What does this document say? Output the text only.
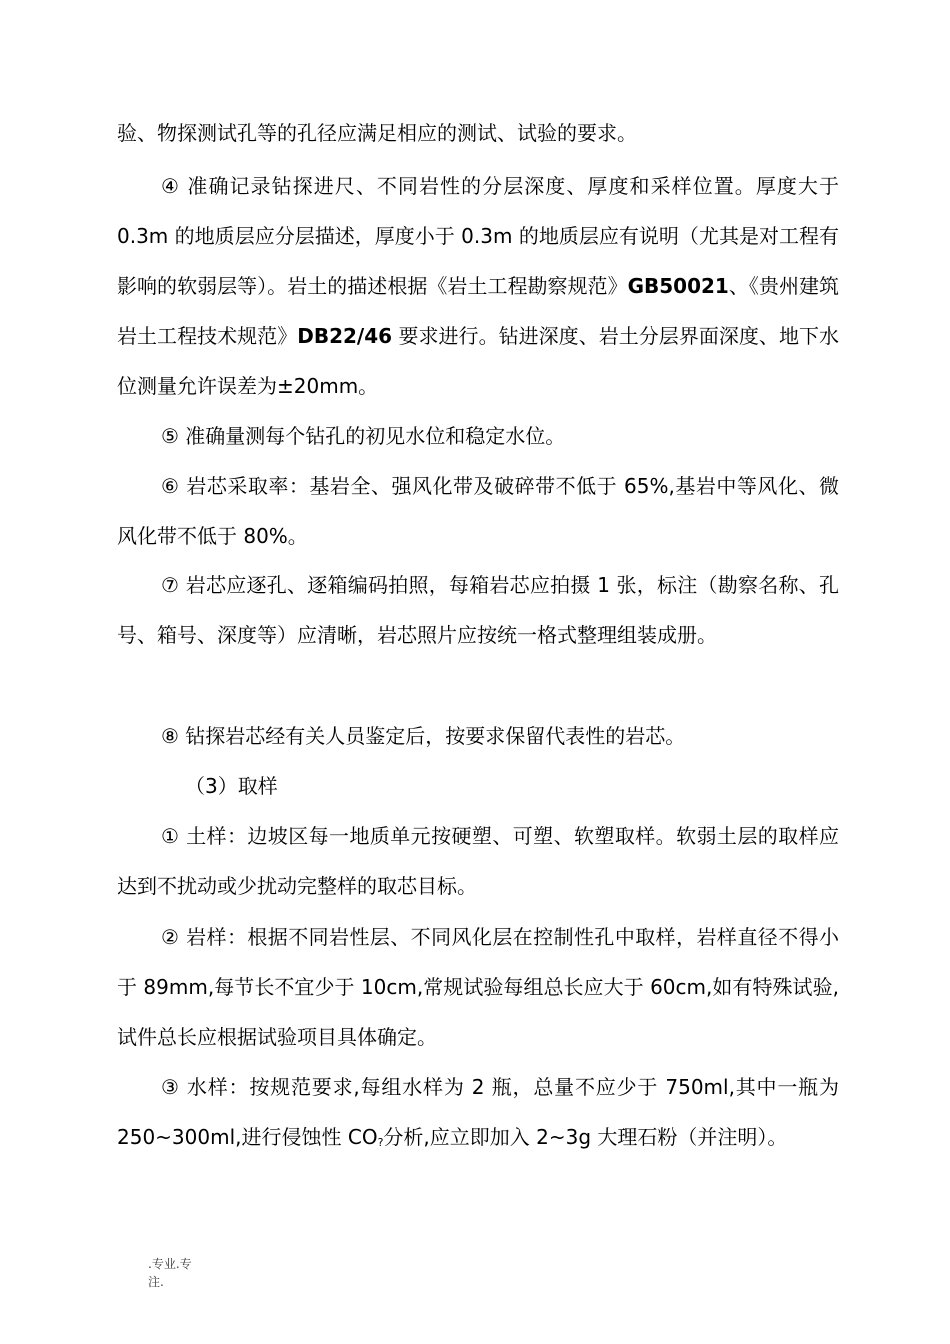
验、物探测试孔等的孔径应满足相应的测试、试验的要求。

④ 准确记录钻探进尺、不同岩性的分层深度、厚度和采样位置。厚度大于 0.3m 的地质层应分层描述，厚度小于 0.3m 的地质层应有说明（尤其是对工程有影响的软弱层等）。岩土的描述根据《岩土工程勘察规范》GB50021、《贵州建筑岩土工程技术规范》DB22/46 要求进行。钻进深度、岩土分层界面深度、地下水位测量允许误差为±20mm。

⑤ 准确量测每个钻孔的初见水位和稳定水位。

⑥ 岩芯采取率：基岩全、强风化带及破碎带不低于 65%,基岩中等风化、微风化带不低于 80%。

⑦ 岩芯应逐孔、逐箱编码拍照，每箱岩芯应拍摄 1 张，标注（勘察名称、孔号、箱号、深度等）应清晰，岩芯照片应按统一格式整理组装成册。

⑧ 钻探岩芯经有关人员鉴定后，按要求保留代表性的岩芯。

（3）取样

① 土样：边坡区每一地质单元按硬塑、可塑、软塑取样。软弱土层的取样应达到不扰动或少扰动完整样的取芯目标。

② 岩样：根据不同岩性层、不同风化层在控制性孔中取样，岩样直径不得小于 89mm,每节长不宜少于 10cm,常规试验每组总长应大于 60cm,如有特殊试验,试件总长应根据试验项目具体确定。

③ 水样：按规范要求,每组水样为 2 瓶，总量不应少于 750ml,其中一瓶为 250~300ml,进行侵蚀性 CO?分析,应立即加入 2~3g 大理石粉（并注明）。

.专业.专
注.
